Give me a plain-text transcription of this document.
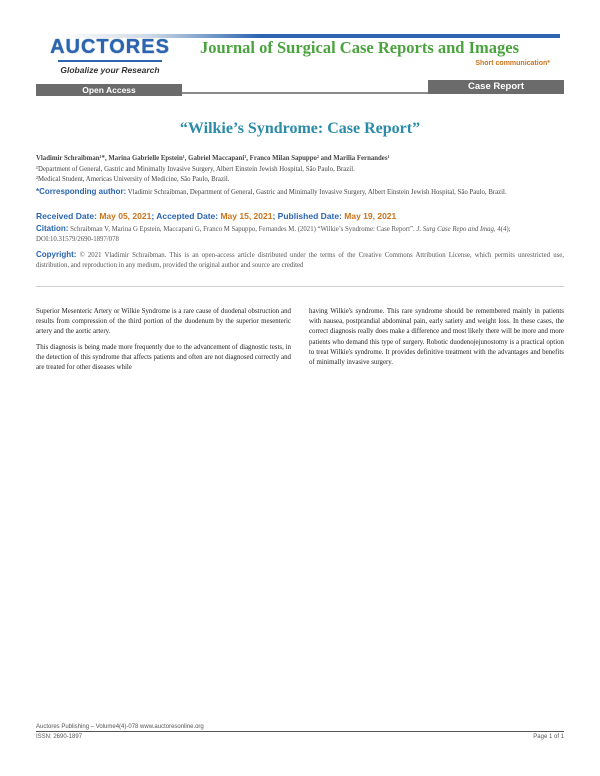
AUCTORES
Globalize your Research
Journal of Surgical Case Reports and Images
Short communication*
Open Access	Case Report
“Wilkie’s Syndrome: Case Report”
Vladimir Schraibman¹*, Marina Gabrielle Epstein¹, Gabriel Maccapani¹, Franco Milan Sapuppo² and Marilia Fernandes¹
¹Department of General, Gastric and Minimally Invasive Surgery, Albert Einstein Jewish Hospital, São Paulo, Brazil.
²Medical Student, Americas University of Medicine, São Paulo, Brazil.
*Corresponding author: Vladimir Schraibman, Department of General, Gastric and Minimally Invasive Surgery, Albert Einstein Jewish Hospital, São Paulo, Brazil.
Received Date: May 05, 2021; Accepted Date: May 15, 2021; Published Date: May 19, 2021
Citation: Schraibman V, Marina G Epstein, Maccapani G, Franco M Sapuppo, Fernandes M. (2021) “Wilkie’s Syndrome: Case Report”. J. Surg Case Repo and Imag, 4(4); DOI:10.31579/2690-1897/078
Copyright: © 2021 Vladimir Schraibman. This is an open-access article distributed under the terms of the Creative Commons Attribution License, which permits unrestricted use, distribution, and reproduction in any medium, provided the original author and source are credited

Superior Mesenteric Artery or Wilkie Syndrome is a rare cause of duodenal obstruction and results from compression of the third portion of the duodenum by the superior mesenteric artery and the aortic artery.

This diagnosis is being made more frequently due to the advancement of diagnostic tests, in the detection of this syndrome that affects patients and often are not diagnosed correctly and are treated for other diseases while

having Wilkie's syndrome. This rare syndrome should be remembered mainly in patients with nausea, postprandial abdominal pain, early satiety and weight loss. In these cases, the correct diagnosis really does make a difference and most likely there will be more and more patients who demand this type of surgery. Robotic duodenojejunostomy is a practical option to treat Wilkie's syndrome. It provides definitive treatment with the advantages and benefits of minimally invasive surgery.

Auctores Publishing – Volume4(4)-078 www.auctoresonline.org
ISSN: 2690-1897	Page 1 of 1
